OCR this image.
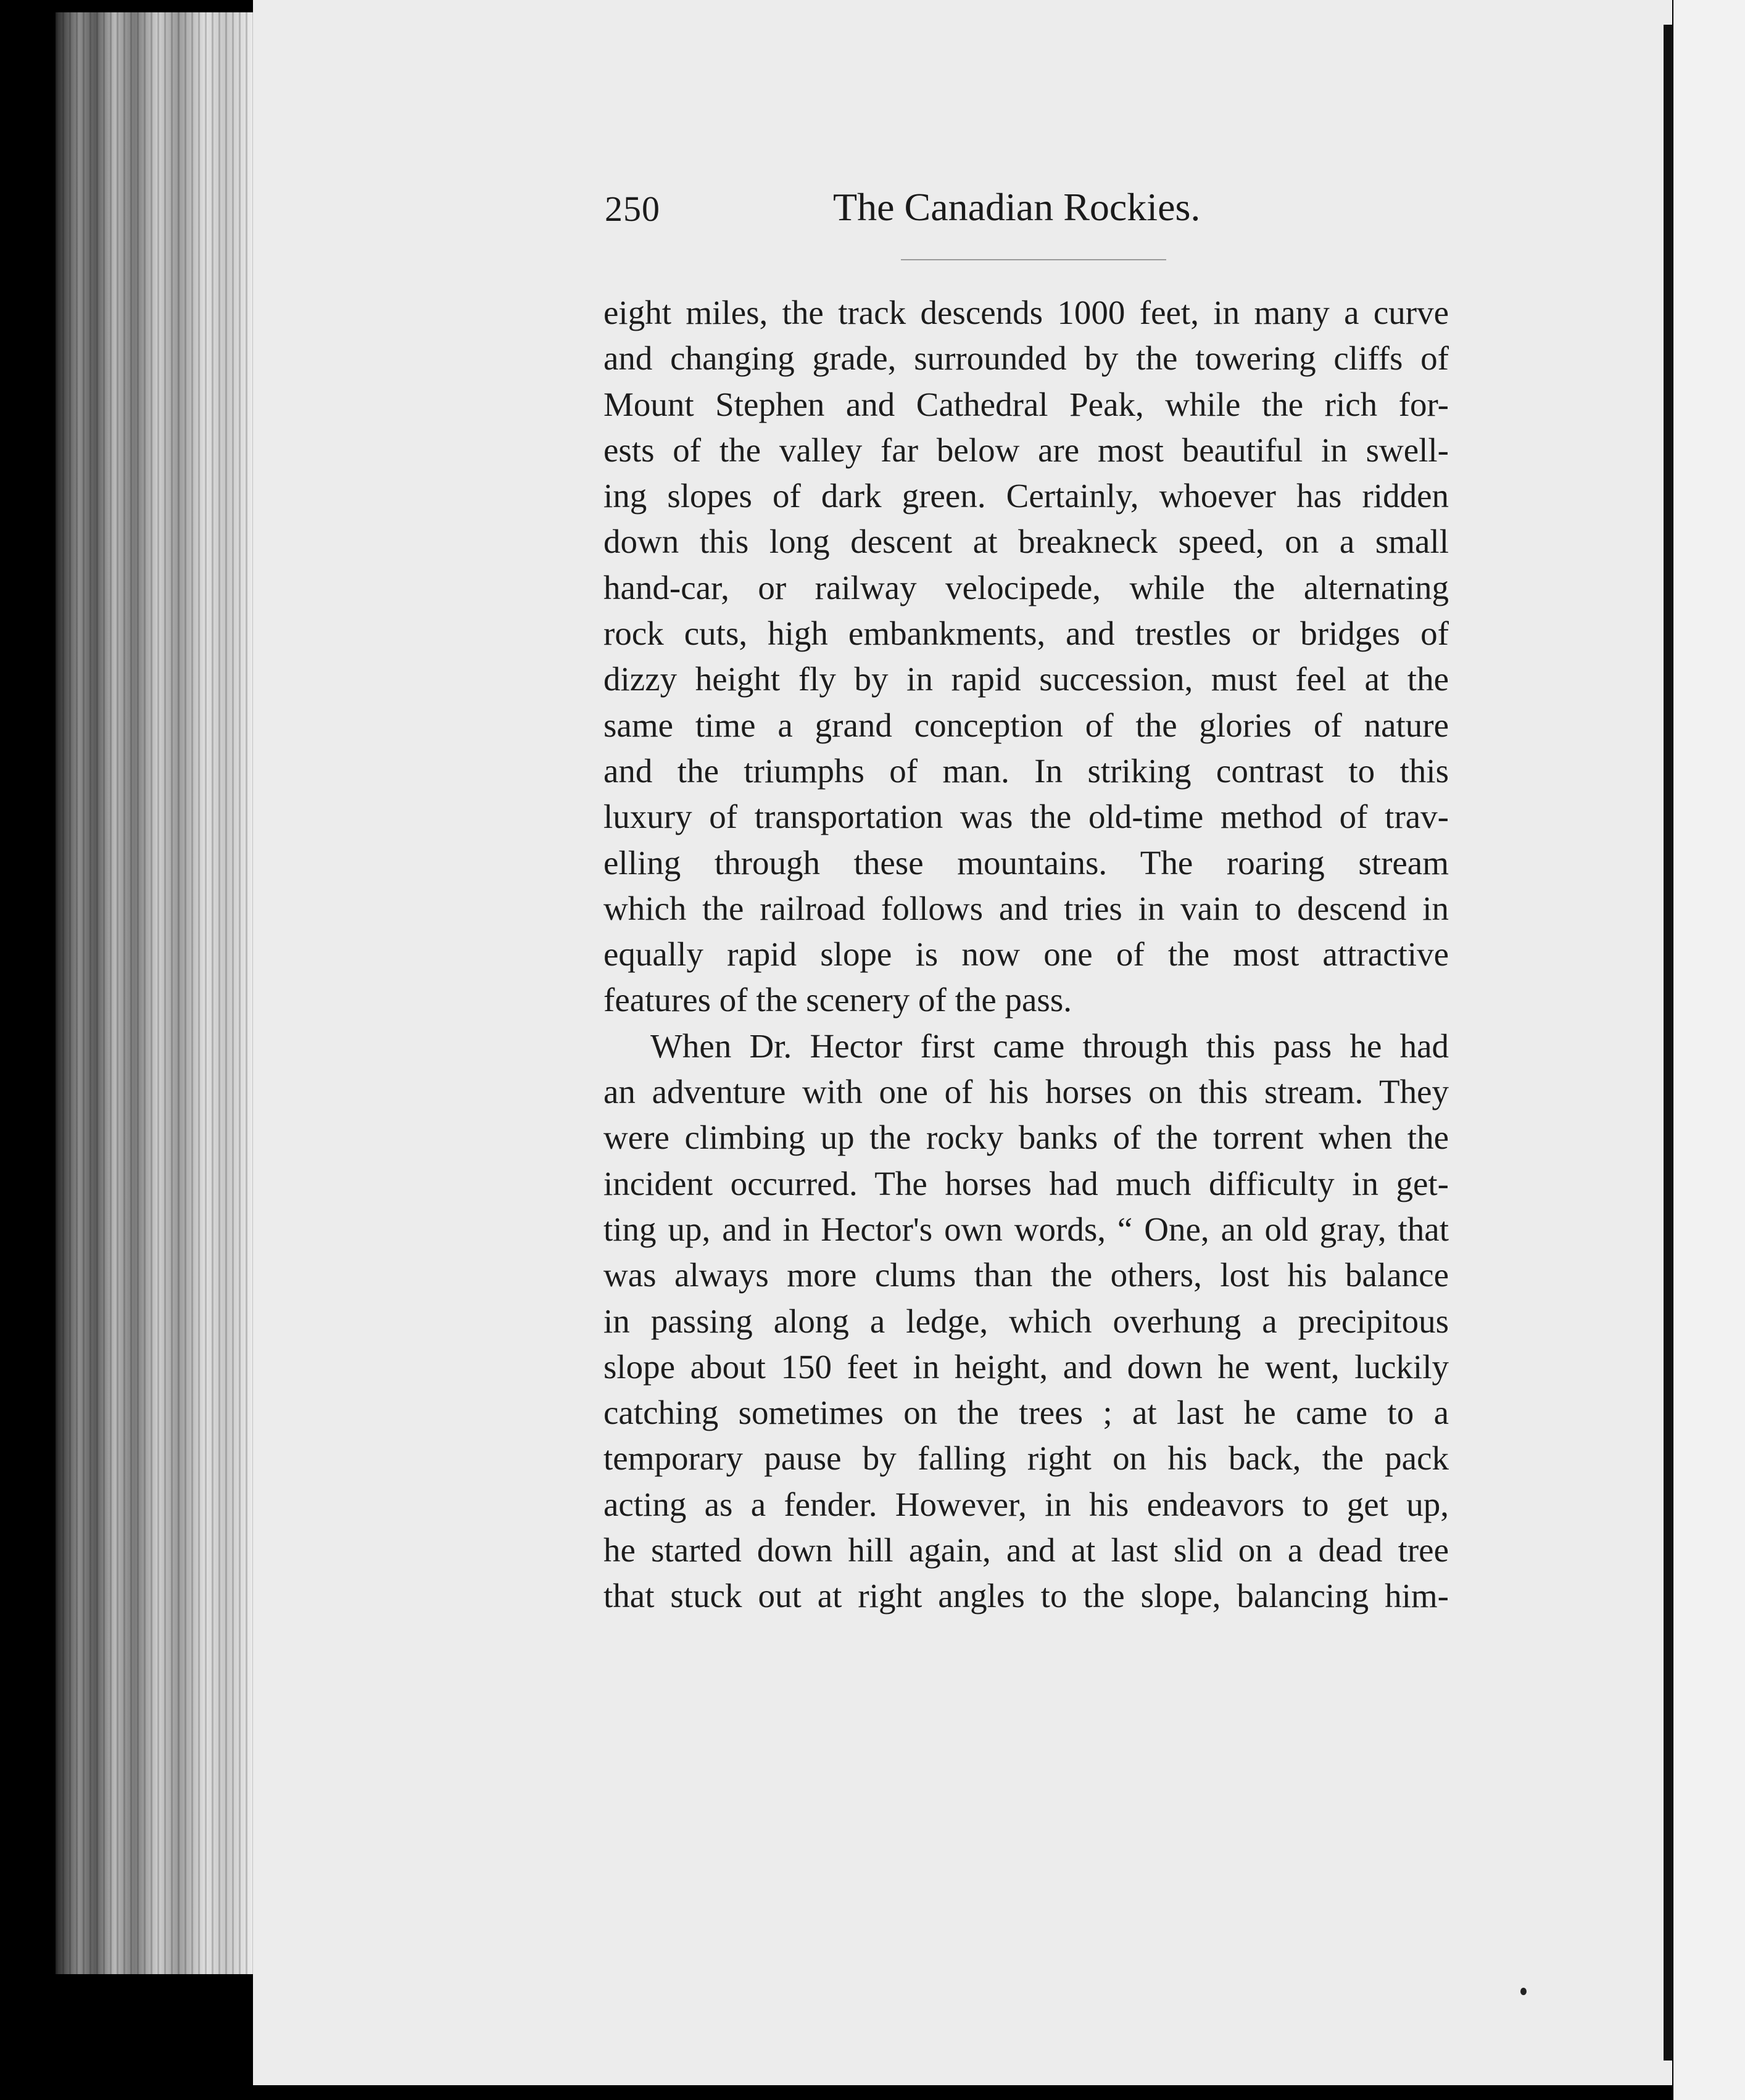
250	The Canadian Rockies.
eight miles, the track descends 1000 feet, in many a curve
and changing grade, surrounded by the towering cliffs of
Mount Stephen and Cathedral Peak, while the rich for-
ests of the valley far below are most beautiful in swell-
ing slopes of dark green. Certainly, whoever has ridden
down this long descent at breakneck speed, on a small
hand-car, or railway velocipede, while the alternating
rock cuts, high embankments, and trestles or bridges of
dizzy height fly by in rapid succession, must feel at the
same time a grand conception of the glories of nature
and the triumphs of man. In striking contrast to this
luxury of transportation was the old-time method of trav-
elling through these mountains. The roaring stream
which the railroad follows and tries in vain to descend in
equally rapid slope is now one of the most attractive
features of the scenery of the pass.
When Dr. Hector first came through this pass he had
an adventure with one of his horses on this stream. They
were climbing up the rocky banks of the torrent when the
incident occurred. The horses had much difficulty in get-
ting up, and in Hector's own words, “ One, an old gray, that
was always more clums than the others, lost his balance
in passing along a ledge, which overhung a precipitous
slope about 150 feet in height, and down he went, luckily
catching sometimes on the trees ; at last he came to a
temporary pause by falling right on his back, the pack
acting as a fender. However, in his endeavors to get up,
he started down hill again, and at last slid on a dead tree
that stuck out at right angles to the slope, balancing him-
